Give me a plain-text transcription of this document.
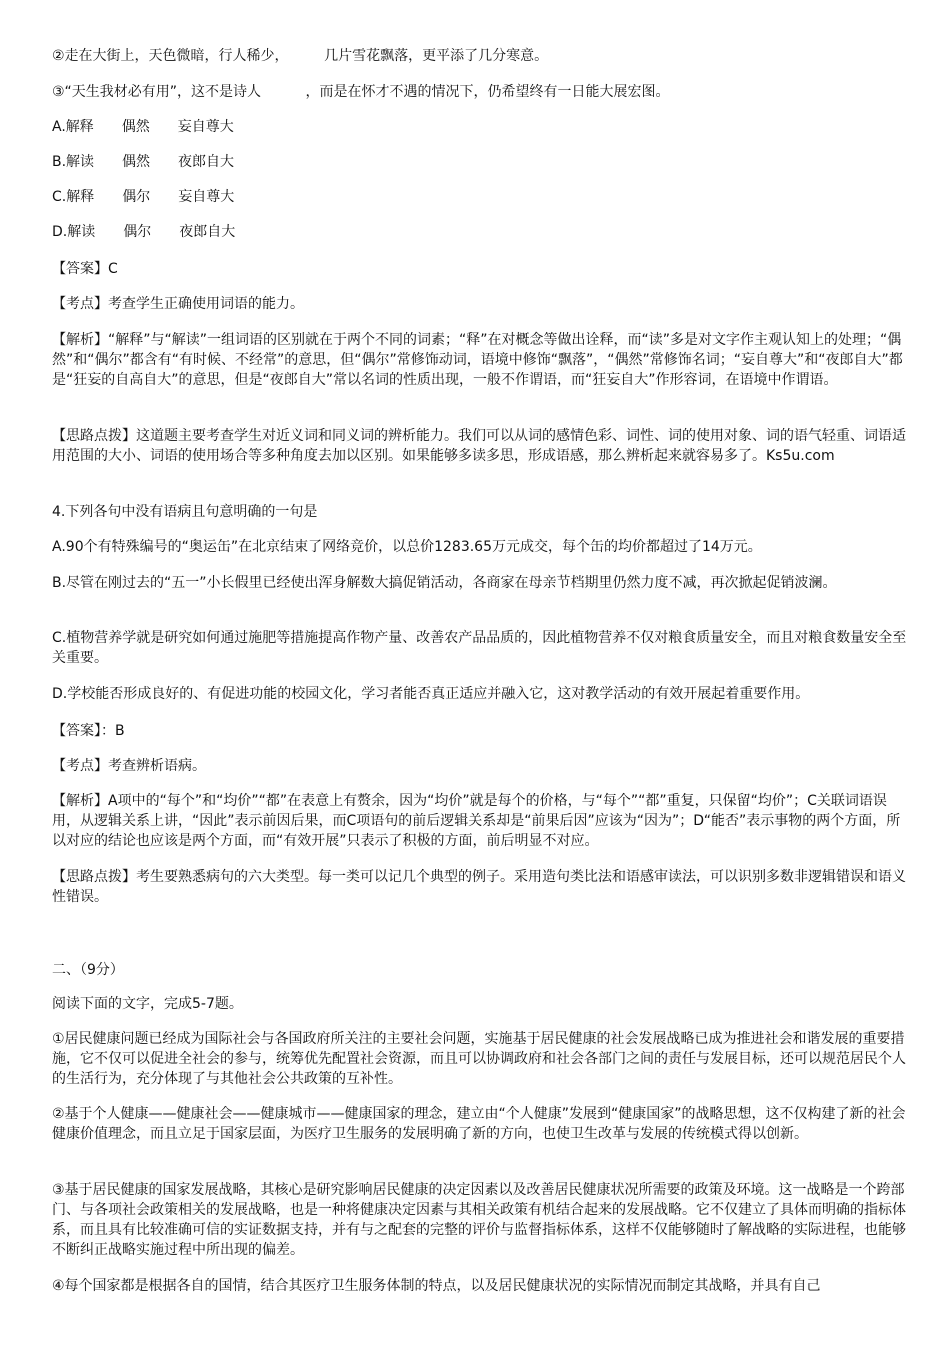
②走在大街上，天色微暗，行人稀少，        几片雪花飘落，更平添了几分寒意。

③“天生我材必有用”，这不是诗人          ，而是在怀才不遇的情况下，仍希望终有一日能大展宏图。

A.解释　　偶然　　妄自尊大

B.解读　　偶然　　夜郎自大

C.解释　　偶尔　　妄自尊大

D.解读　　偶尔　　夜郎自大

【答案】C

【考点】考查学生正确使用词语的能力。

【解析】“解释”与“解读”一组词语的区别就在于两个不同的词素；“释”在对概念等做出诠释，而“读”多是对文字作主观认知上的处理；“偶然”和“偶尔”都含有“有时候、不经常”的意思，但“偶尔”常修饰动词，语境中修饰“飘落”，“偶然”常修饰名词；“妄自尊大”和“夜郎自大”都是“狂妄的自高自大”的意思，但是“夜郎自大”常以名词的性质出现，一般不作谓语，而“狂妄自大”作形容词，在语境中作谓语。

【思路点拨】这道题主要考查学生对近义词和同义词的辨析能力。我们可以从词的感情色彩、词性、词的使用对象、词的语气轻重、词语适用范围的大小、词语的使用场合等多种角度去加以区别。如果能够多读多思，形成语感，那么辨析起来就容易多了。Ks5u.com

4.下列各句中没有语病且句意明确的一句是

A.90个有特殊编号的“奥运缶”在北京结束了网络竞价，以总价1283.65万元成交，每个缶的均价都超过了14万元。

B.尽管在刚过去的“五一”小长假里已经使出浑身解数大搞促销活动，各商家在母亲节档期里仍然力度不减，再次掀起促销波澜。

C.植物营养学就是研究如何通过施肥等措施提高作物产量、改善农产品品质的，因此植物营养不仅对粮食质量安全，而且对粮食数量安全至关重要。

D.学校能否形成良好的、有促进功能的校园文化，学习者能否真正适应并融入它，这对教学活动的有效开展起着重要作用。

【答案】：B

【考点】考查辨析语病。

【解析】A项中的“每个”和“均价”“都”在表意上有赘余，因为“均价”就是每个的价格，与“每个”“都”重复，只保留“均价”；C关联词语误用，从逻辑关系上讲，“因此”表示前因后果，而C项语句的前后逻辑关系却是“前果后因”应该为“因为”；D“能否”表示事物的两个方面，所以对应的结论也应该是两个方面，而“有效开展”只表示了积极的方面，前后明显不对应。

【思路点拨】考生要熟悉病句的六大类型。每一类可以记几个典型的例子。采用造句类比法和语感审读法，可以识别多数非逻辑错误和语义性错误。

二、（9分）

阅读下面的文字，完成5-7题。

①居民健康问题已经成为国际社会与各国政府所关注的主要社会问题，实施基于居民健康的社会发展战略已成为推进社会和谐发展的重要措施，它不仅可以促进全社会的参与，统筹优先配置社会资源，而且可以协调政府和社会各部门之间的责任与发展目标，还可以规范居民个人的生活行为，充分体现了与其他社会公共政策的互补性。

②基于个人健康——健康社会——健康城市——健康国家的理念，建立由“个人健康”发展到“健康国家”的战略思想，这不仅构建了新的社会健康价值理念，而且立足于国家层面，为医疗卫生服务的发展明确了新的方向，也使卫生改革与发展的传统模式得以创新。

③基于居民健康的国家发展战略，其核心是研究影响居民健康的决定因素以及改善居民健康状况所需要的政策及环境。这一战略是一个跨部门、与各项社会政策相关的发展战略，也是一种将健康决定因素与其相关政策有机结合起来的发展战略。它不仅建立了具体而明确的指标体系，而且具有比较准确可信的实证数据支持，并有与之配套的完整的评价与监督指标体系，这样不仅能够随时了解战略的实际进程，也能够不断纠正战略实施过程中所出现的偏差。

④每个国家都是根据各自的国情，结合其医疗卫生服务体制的特点，以及居民健康状况的实际情况而制定其战略，并具有自己
